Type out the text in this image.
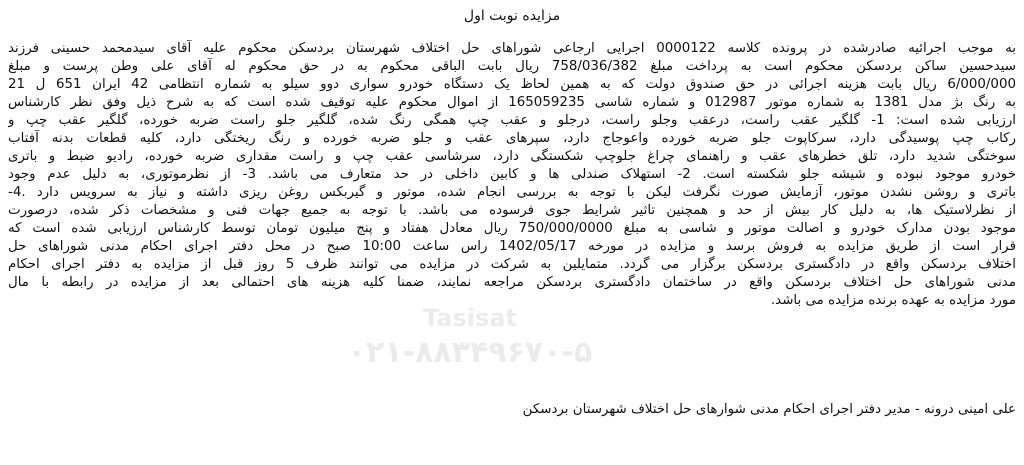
مزایده نوبت اول
به موجب اجرائیه صادرشده در پرونده کلاسه 0000122 اجرایی ارجاعی شوراهای حل اختلاف شهرستان بردسکن محکوم علیه آقای سیدمحمد حسینی فرزند
سیدحسین ساکن بردسکن محکوم است به پرداخت مبلغ 758/036/382 ریال بابت الباقی محکوم به در حق محکوم له آقای علی وطن پرست و مبلغ
6/000/000 ریال بابت هزینه اجرائی در حق صندوق دولت که به همین لحاظ یک دستگاه خودرو سواری دوو سیلو به شماره انتظامی 42 ایران 651 ل 21
به رنگ بژ مدل 1381 به شماره موتور 012987 و شماره شاسی 165059235 از اموال محکوم علیه توقیف شده است که به شرح ذیل وفق نظر کارشناس
ارزیابی شده است: 1- گلگیر عقب راست، درعقب وجلو راست، درجلو و عقب چپ همگی رنگ شده، گلگیر جلو راست ضربه خورده، گلگیر عقب چپ و
رکاب چپ پوسیدگی دارد، سرکاپوت جلو ضربه خورده واعوجاج دارد، سپرهای عقب و جلو ضربه خورده و رنگ ریختگی دارد، کلیه قطعات بدنه آفتاب
سوختگی شدید دارد، تلق خطرهای عقب و راهنمای چراغ جلوچپ شکستگی دارد، سرشاسی عقب چپ و راست مقداری ضربه خورده، رادیو ضبط و باتری
خودرو موجود نبوده و شیشه جلو شکسته است. 2- استهلاک صندلی ها و کابین داخلی در حد متعارف می باشد. 3- از نظرموتوری، به دلیل عدم وجود
باتری و روشن نشدن موتور، آزمایش صورت نگرفت لیکن با توجه به بررسی انجام شده، موتور و گیربکس روغن ریزی داشته و نیاز به سرویس دارد .4-
از نظرلاستیک ها، به دلیل کار بیش از حد و همچنین تاثیر شرایط جوی فرسوده می باشد. با توجه به جمیع جهات فنی و مشخصات ذکر شده، درصورت
موجود بودن مدارک خودرو و اصالت موتور و شاسی به مبلغ 750/000/0000 ریال معادل هفتاد و پنج میلیون تومان توسط کارشناس ارزیابی شده است که
قرار است از طریق مزایده به فروش برسد و مزایده در مورخه 1402/05/17 راس ساعت 10:00 صبح در محل دفتر اجرای احکام مدنی شوراهای حل
اختلاف بردسکن واقع در دادگستری بردسکن برگزار می گردد. متمایلین به شرکت در مزایده می توانند ظرف 5 روز قبل از مزایده به دفتر اجرای احکام
مدنی شوراهای حل اختلاف بردسکن واقع در ساختمان دادگستری بردسکن مراجعه نمایند، ضمنا کلیه هزینه های احتمالی بعد از مزایده در رابطه با مال
مورد مزایده به عهده برنده مزایده می باشد.
علی امینی درونه - مدیر دفتر اجرای احکام مدنی شوارهای حل اختلاف شهرستان بردسکن
Tasisat
۰۲۱-۸۸۳۴۹۶۷۰-۵
